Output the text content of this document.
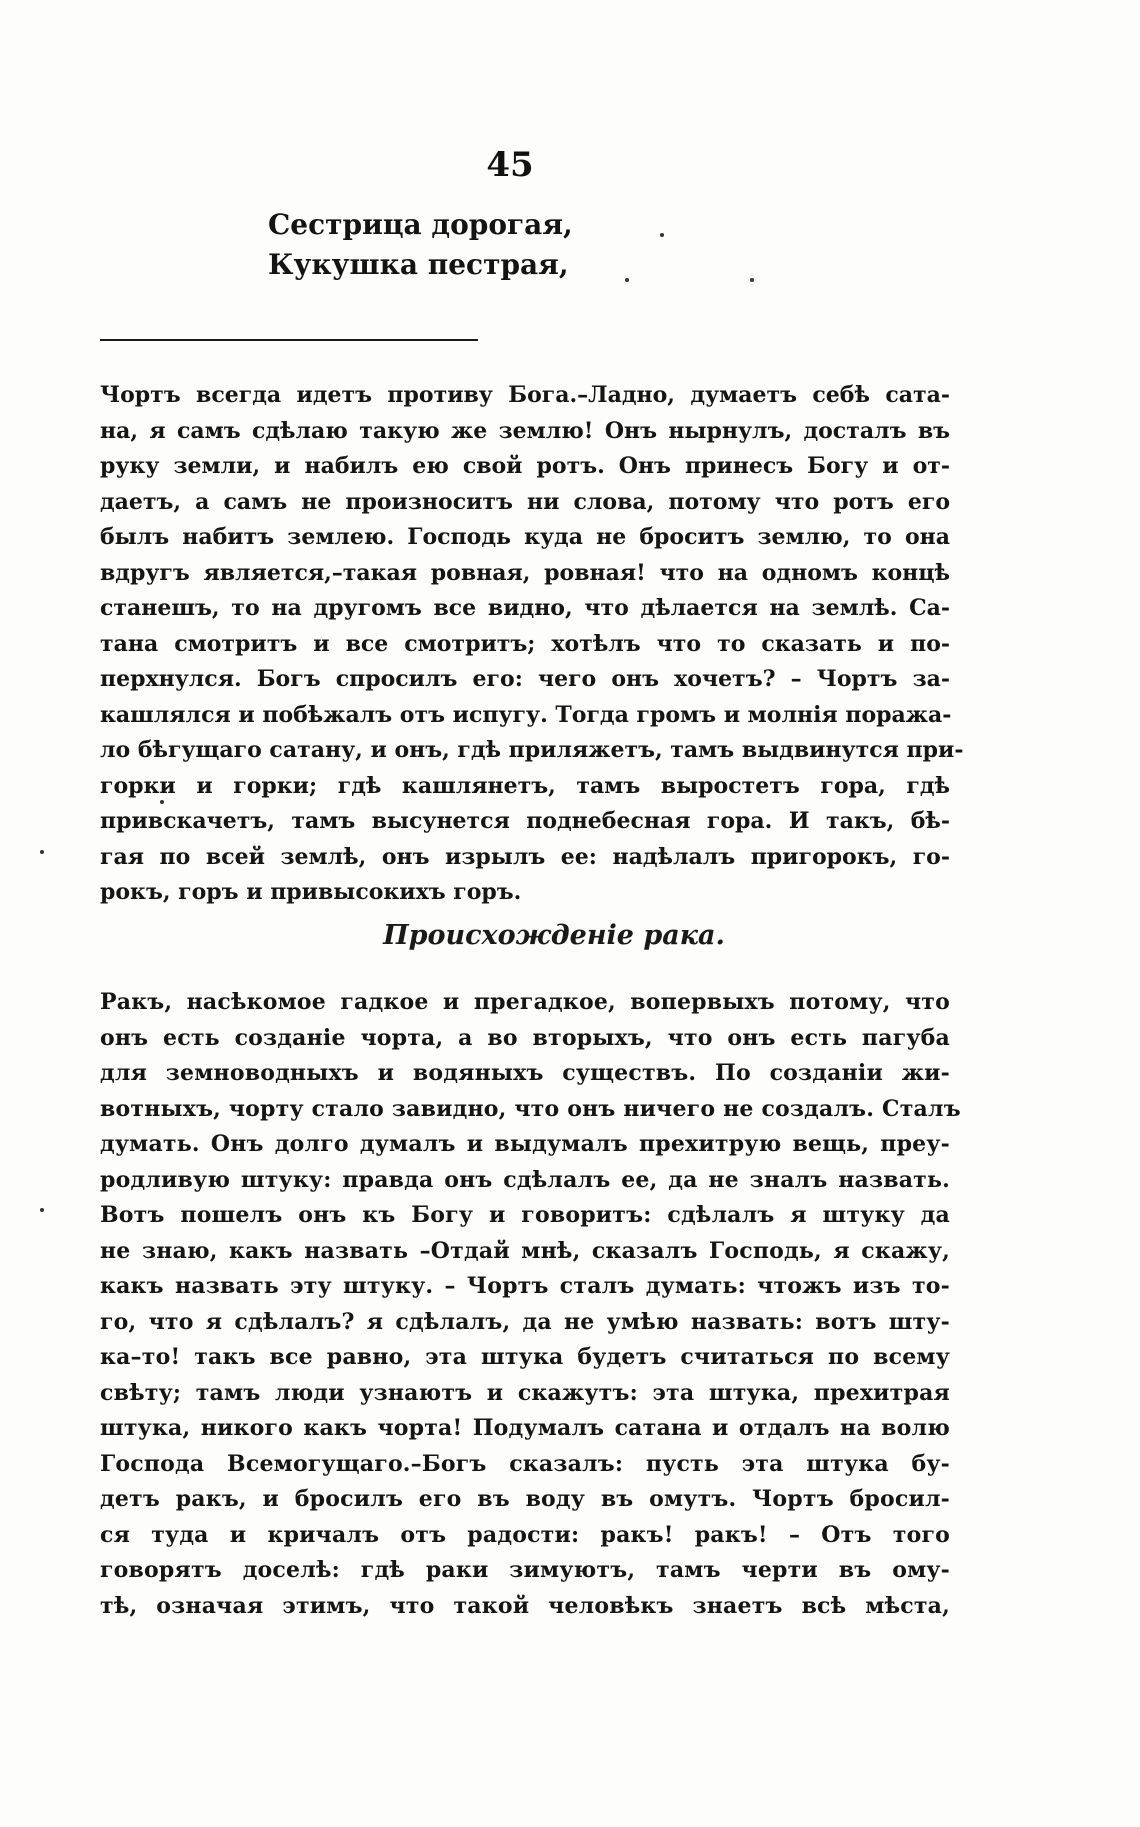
45
Сестрица дорогая,
Кукушка пестрая,
Чортъ всегда идетъ противу Бога.–Ладно, думаетъ себѣ сата-
на, я самъ сдѣлаю такую же землю! Онъ нырнулъ, досталъ въ
руку земли, и набилъ ею свой ротъ. Онъ принесъ Богу и от-
даетъ, а самъ не произноситъ ни слова, потому что ротъ его
былъ набитъ землею. Господь куда не броситъ землю, то она
вдругъ является,–такая ровная, ровная! что на одномъ концѣ
станешъ, то на другомъ все видно, что дѣлается на землѣ. Са-
тана смотритъ и все смотритъ; хотѣлъ что то сказать и по-
перхнулся. Богъ спросилъ его: чего онъ хочетъ? – Чортъ за-
кашлялся и побѣжалъ отъ испугу. Тогда громъ и молнія поража-
ло бѣгущаго сатану, и онъ, гдѣ приляжетъ, тамъ выдвинутся при-
горки и горки; гдѣ кашлянетъ, тамъ выростетъ гора, гдѣ
привскачетъ, тамъ высунется поднебесная гора. И такъ, бѣ-
гая по всей землѣ, онъ изрылъ ее: надѣлалъ пригорокъ, го-
рокъ, горъ и привысокихъ горъ.
Происхожденіе рака.
Ракъ, насѣкомое гадкое и прегадкое, вопервыхъ потому, что
онъ есть созданіе чорта, а во вторыхъ, что онъ есть пагуба
для земноводныхъ и водяныхъ существъ. По созданіи жи-
вотныхъ, чорту стало завидно, что онъ ничего не создалъ. Сталъ
думать. Онъ долго думалъ и выдумалъ прехитрую вещь, преу-
родливую штуку: правда онъ сдѣлалъ ее, да не зналъ назвать.
Вотъ пошелъ онъ къ Богу и говоритъ: сдѣлалъ я штуку да
не знаю, какъ назвать –Отдай мнѣ, сказалъ Господь, я скажу,
какъ назвать эту штуку. – Чортъ сталъ думать: чтожъ изъ то-
го, что я сдѣлалъ? я сдѣлалъ, да не умѣю назвать: вотъ шту-
ка–то! такъ все равно, эта штука будетъ считаться по всему
свѣту; тамъ люди узнаютъ и скажутъ: эта штука, прехитрая
штука, никого какъ чорта! Подумалъ сатана и отдалъ на волю
Господа Всемогущаго.–Богъ сказалъ: пусть эта штука бу-
детъ ракъ, и бросилъ его въ воду въ омутъ. Чортъ бросил-
ся туда и кричалъ отъ радости: ракъ! ракъ! – Отъ того
говорятъ доселѣ: гдѣ раки зимуютъ, тамъ черти въ ому-
тѣ, означая этимъ, что такой человѣкъ знаетъ всѣ мѣста,
